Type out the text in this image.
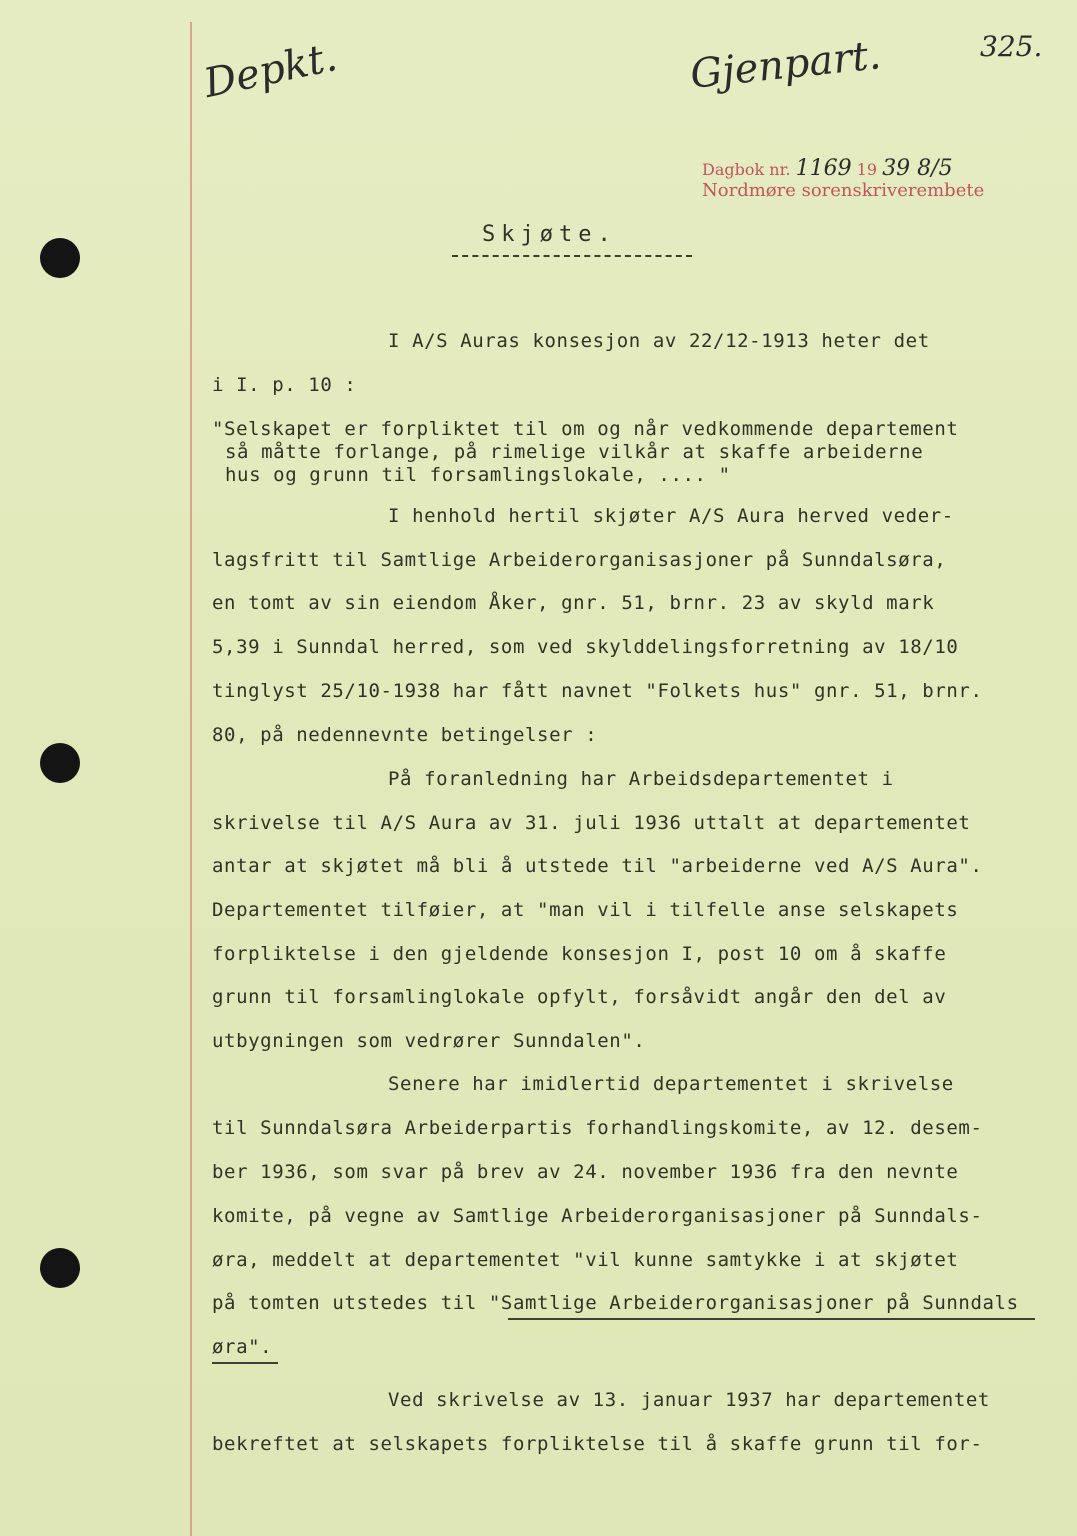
Depkt.	Gjenpart.	325.
Dagbok nr. 1169 19 39 8/5
Nordmøre sorenskriverembete
Skjøte.
I A/S Auras konsesjon av 22/12-1913 heter det
i I. p. 10 :
"Selskapet er forpliktet til om og når vedkommende departement
så måtte forlange, på rimelige vilkår at skaffe arbeiderne
hus og grunn til forsamlingslokale, .... "
I henhold hertil skjøter A/S Aura herved veder-
lagsfritt til Samtlige Arbeiderorganisasjoner på Sunndalsøra,
en tomt av sin eiendom Åker, gnr. 51, brnr. 23 av skyld mark
5,39 i Sunndal herred, som ved skylddelingsforretning av 18/10
tinglyst 25/10-1938 har fått navnet "Folkets hus" gnr. 51, brnr.
80, på nedennevnte betingelser :
På foranledning har Arbeidsdepartementet i
skrivelse til A/S Aura av 31. juli 1936 uttalt at departementet
antar at skjøtet må bli å utstede til "arbeiderne ved A/S Aura".
Departementet tilføier, at "man vil i tilfelle anse selskapets
forpliktelse i den gjeldende konsesjon I, post 10 om å skaffe
grunn til forsamlinglokale opfylt, forsåvidt angår den del av
utbygningen som vedrører Sunndalen".
Senere har imidlertid departementet i skrivelse
til Sunndalsøra Arbeiderpartis forhandlingskomite, av 12. desem-
ber 1936, som svar på brev av 24. november 1936 fra den nevnte
komite, på vegne av Samtlige Arbeiderorganisasjoner på Sunndals-
øra, meddelt at departementet "vil kunne samtykke i at skjøtet
på tomten utstedes til "Samtlige Arbeiderorganisasjoner på Sunndals
øra".
Ved skrivelse av 13. januar 1937 har departementet
bekreftet at selskapets forpliktelse til å skaffe grunn til for-
